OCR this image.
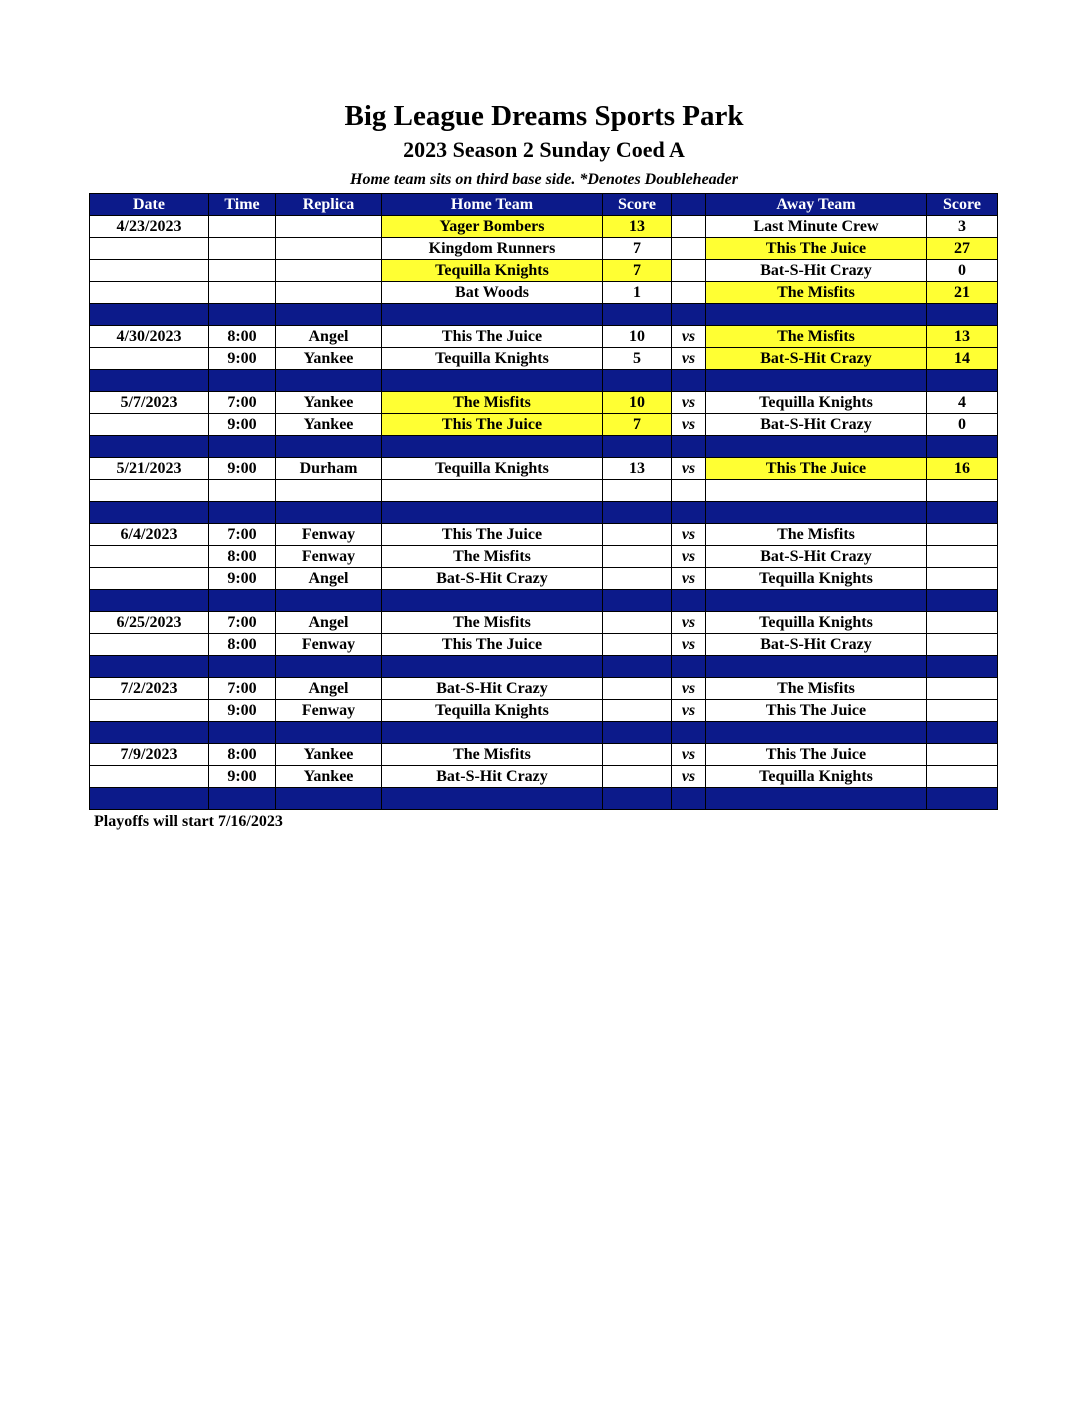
Big League Dreams Sports Park
2023 Season 2 Sunday Coed A
Home team sits on third base side. *Denotes Doubleheader
Date	Time	Replica	Home Team	Score		Away Team	Score
4/23/2023			Yager Bombers	13		Last Minute Crew	3
			Kingdom Runners	7		This The Juice	27
			Tequilla Knights	7		Bat-S-Hit Crazy	0
			Bat Woods	1		The Misfits	21

4/30/2023	8:00	Angel	This The Juice	10	vs	The Misfits	13
	9:00	Yankee	Tequilla Knights	5	vs	Bat-S-Hit Crazy	14

5/7/2023	7:00	Yankee	The Misfits	10	vs	Tequilla Knights	4
	9:00	Yankee	This The Juice	7	vs	Bat-S-Hit Crazy	0

5/21/2023	9:00	Durham	Tequilla Knights	13	vs	This The Juice	16

6/4/2023	7:00	Fenway	This The Juice		vs	The Misfits	
	8:00	Fenway	The Misfits		vs	Bat-S-Hit Crazy	
	9:00	Angel	Bat-S-Hit Crazy		vs	Tequilla Knights	

6/25/2023	7:00	Angel	The Misfits		vs	Tequilla Knights	
	8:00	Fenway	This The Juice		vs	Bat-S-Hit Crazy	

7/2/2023	7:00	Angel	Bat-S-Hit Crazy		vs	The Misfits	
	9:00	Fenway	Tequilla Knights		vs	This The Juice	

7/9/2023	8:00	Yankee	The Misfits		vs	This The Juice	
	9:00	Yankee	Bat-S-Hit Crazy		vs	Tequilla Knights	

Playoffs will start 7/16/2023
